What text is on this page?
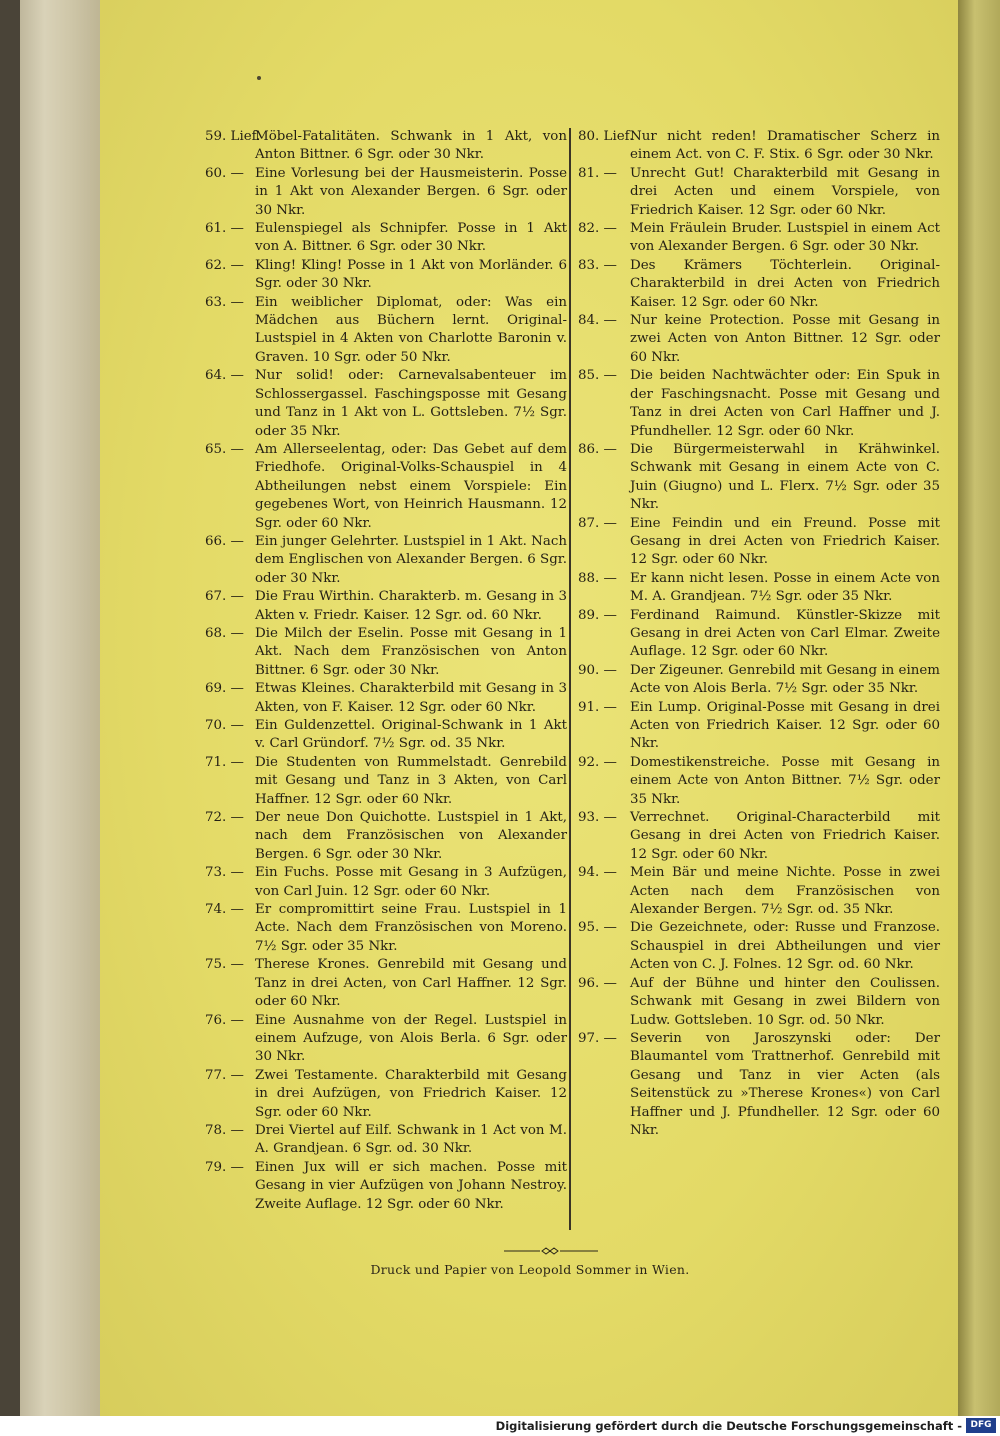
59. Lief.
Möbel-Fatalitäten. Schwank in 1 Akt, von Anton Bittner. 6 Sgr. oder 30 Nkr.
60. — Eine Vorlesung bei der Hausmeisterin. Posse in 1 Akt von Alexander Bergen. 6 Sgr. oder 30 Nkr.
61. — Eulenspiegel als Schnipfer. Posse in 1 Akt von A. Bittner. 6 Sgr. oder 30 Nkr.
62. — Kling! Kling! Posse in 1 Akt von Morländer. 6 Sgr. oder 30 Nkr.
63. — Ein weiblicher Diplomat, oder: Was ein Mädchen aus Büchern lernt. Original-Lustspiel in 4 Akten von Charlotte Baronin v. Graven. 10 Sgr. oder 50 Nkr.
64. — Nur solid! oder: Carnevalsabenteuer im Schlossergassel. Faschingsposse mit Gesang und Tanz in 1 Akt von L. Gottsleben. 7½ Sgr. oder 35 Nkr.
65. — Am Allerseelentag, oder: Das Gebet auf dem Friedhofe. Original-Volks-Schauspiel in 4 Abtheilungen nebst einem Vorspiele: Ein gegebenes Wort, von Heinrich Hausmann. 12 Sgr. oder 60 Nkr.
66. — Ein junger Gelehrter. Lustspiel in 1 Akt. Nach dem Englischen von Alexander Bergen. 6 Sgr. oder 30 Nkr.
67. — Die Frau Wirthin. Charakterb. m. Gesang in 3 Akten v. Friedr. Kaiser. 12 Sgr. od. 60 Nkr.
68. — Die Milch der Eselin. Posse mit Gesang in 1 Akt. Nach dem Französischen von Anton Bittner. 6 Sgr. oder 30 Nkr.
69. — Etwas Kleines. Charakterbild mit Gesang in 3 Akten, von F. Kaiser. 12 Sgr. oder 60 Nkr.
70. — Ein Guldenzettel. Original-Schwank in 1 Akt v. Carl Gründorf. 7½ Sgr. od. 35 Nkr.
71. — Die Studenten von Rummelstadt. Genrebild mit Gesang und Tanz in 3 Akten, von Carl Haffner. 12 Sgr. oder 60 Nkr.
72. — Der neue Don Quichotte. Lustspiel in 1 Akt, nach dem Französischen von Alexander Bergen. 6 Sgr. oder 30 Nkr.
73. — Ein Fuchs. Posse mit Gesang in 3 Aufzügen, von Carl Juin. 12 Sgr. oder 60 Nkr.
74. — Er compromittirt seine Frau. Lustspiel in 1 Acte. Nach dem Französischen von Moreno. 7½ Sgr. oder 35 Nkr.
75. — Therese Krones. Genrebild mit Gesang und Tanz in drei Acten, von Carl Haffner. 12 Sgr. oder 60 Nkr.
76. — Eine Ausnahme von der Regel. Lustspiel in einem Aufzuge, von Alois Berla. 6 Sgr. oder 30 Nkr.
77. — Zwei Testamente. Charakterbild mit Gesang in drei Aufzügen, von Friedrich Kaiser. 12 Sgr. oder 60 Nkr.
78. — Drei Viertel auf Eilf. Schwank in 1 Act von M. A. Grandjean. 6 Sgr. od. 30 Nkr.
79. — Einen Jux will er sich machen. Posse mit Gesang in vier Aufzügen von Johann Nestroy. Zweite Auflage. 12 Sgr. oder 60 Nkr.
80. Lief.
Nur nicht reden! Dramatischer Scherz in einem Act. von C. F. Stix. 6 Sgr. oder 30 Nkr.
81. — Unrecht Gut! Charakterbild mit Gesang in drei Acten und einem Vorspiele, von Friedrich Kaiser. 12 Sgr. oder 60 Nkr.
82. — Mein Fräulein Bruder. Lustspiel in einem Act von Alexander Bergen. 6 Sgr. oder 30 Nkr.
83. — Des Krämers Töchterlein. Original-Charakterbild in drei Acten von Friedrich Kaiser. 12 Sgr. oder 60 Nkr.
84. — Nur keine Protection. Posse mit Gesang in zwei Acten von Anton Bittner. 12 Sgr. oder 60 Nkr.
85. — Die beiden Nachtwächter oder: Ein Spuk in der Faschingsnacht. Posse mit Gesang und Tanz in drei Acten von Carl Haffner und J. Pfundheller. 12 Sgr. oder 60 Nkr.
86. — Die Bürgermeisterwahl in Krähwinkel. Schwank mit Gesang in einem Acte von C. Juin (Giugno) und L. Flerx. 7½ Sgr. oder 35 Nkr.
87. — Eine Feindin und ein Freund. Posse mit Gesang in drei Acten von Friedrich Kaiser. 12 Sgr. oder 60 Nkr.
88. — Er kann nicht lesen. Posse in einem Acte von M. A. Grandjean. 7½ Sgr. oder 35 Nkr.
89. — Ferdinand Raimund. Künstler-Skizze mit Gesang in drei Acten von Carl Elmar. Zweite Auflage. 12 Sgr. oder 60 Nkr.
90. — Der Zigeuner. Genrebild mit Gesang in einem Acte von Alois Berla. 7½ Sgr. oder 35 Nkr.
91. — Ein Lump. Original-Posse mit Gesang in drei Acten von Friedrich Kaiser. 12 Sgr. oder 60 Nkr.
92. — Domestikenstreiche. Posse mit Gesang in einem Acte von Anton Bittner. 7½ Sgr. oder 35 Nkr.
93. — Verrechnet. Original-Characterbild mit Gesang in drei Acten von Friedrich Kaiser. 12 Sgr. oder 60 Nkr.
94. — Mein Bär und meine Nichte. Posse in zwei Acten nach dem Französischen von Alexander Bergen. 7½ Sgr. od. 35 Nkr.
95. — Die Gezeichnete, oder: Russe und Franzose. Schauspiel in drei Abtheilungen und vier Acten von C. J. Folnes. 12 Sgr. od. 60 Nkr.
96. — Auf der Bühne und hinter den Coulissen. Schwank mit Gesang in zwei Bildern von Ludw. Gottsleben. 10 Sgr. od. 50 Nkr.
97. — Severin von Jaroszynski oder: Der Blaumantel vom Trattnerhof. Genrebild mit Gesang und Tanz in vier Acten (als Seitenstück zu »Therese Krones«) von Carl Haffner und J. Pfundheller. 12 Sgr. oder 60 Nkr.
Druck und Papier von Leopold Sommer in Wien.
Digitalisierung gefördert durch die Deutsche Forschungsgemeinschaft - DFG
